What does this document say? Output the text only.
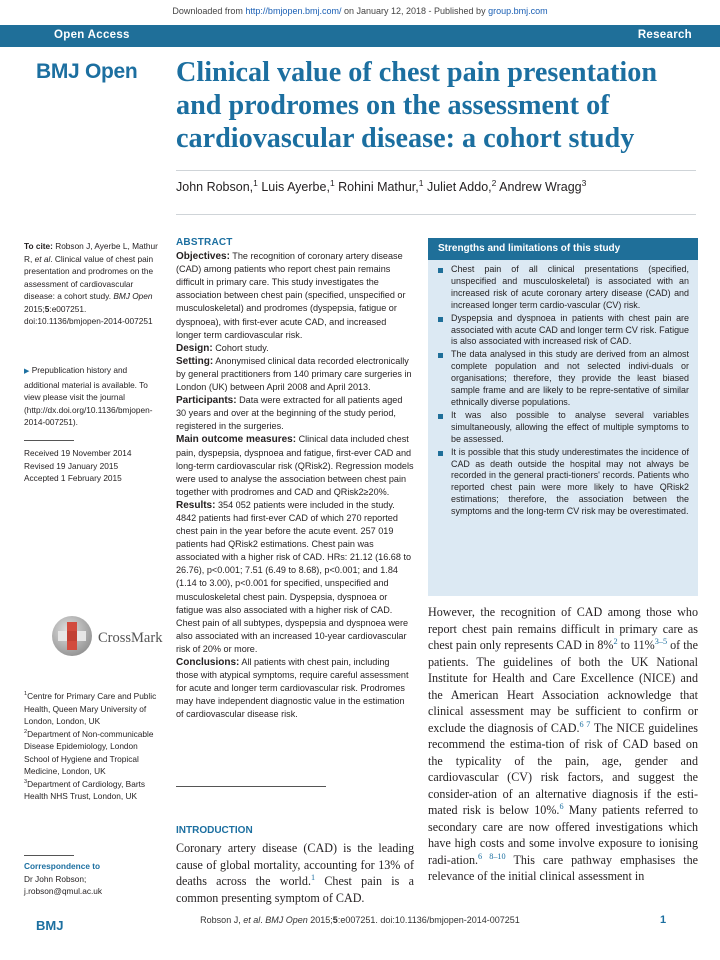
Downloaded from http://bmjopen.bmj.com/ on January 12, 2018 - Published by group.bmj.com
Open Access	Research
BMJ Open Clinical value of chest pain presentation and prodromes on the assessment of cardiovascular disease: a cohort study
John Robson,$^1$ Luis Ayerbe,$^1$ Rohini Mathur,$^1$ Juliet Addo,$^2$ Andrew Wragg$^3$
To cite: Robson J, Ayerbe L, Mathur R, et al. Clinical value of chest pain presentation and prodromes on the assessment of cardiovascular disease: a cohort study. BMJ Open 2015;5:e007251. doi:10.1136/bmjopen-2014-007251

▶ Prepublication history and additional material is available. To view please visit the journal (http://dx.doi.org/10.1136/bmjopen-2014-007251).

Received 19 November 2014

Revised 19 January 2015

Accepted 1 February 2015

CrossMark

$^1$Centre for Primary Care and Public Health, Queen Mary University of London, London, UK

$^2$Department of Non-communicable Disease Epidemiology, London School of Hygiene and Tropical Medicine, London, UK

$^3$Department of Cardiology, Barts Health NHS Trust, London, UK

Correspondence to

Dr John Robson;

j.robson@qmul.ac.uk

ABSTRACT

Objectives: The recognition of coronary artery disease (CAD) among patients who report chest pain remains difficult in primary care. This study investigates the association between chest pain (specified, unspecified or musculoskeletal) and prodromes (dyspepsia, fatigue or dyspnoea), with first-ever acute CAD, and increased longer term cardiovascular risk.

Design: Cohort study.

Setting: Anonymised clinical data recorded electronically by general practitioners from 140 primary care surgeries in London (UK) between April 2008 and April 2013.

Participants: Data were extracted for all patients aged 30 years and over at the beginning of the study period, registered in the surgeries.

Main outcome measures: Clinical data included chest pain, dyspepsia, dyspnoea and fatigue, first-ever CAD and long-term cardiovascular risk (QRisk2). Regression models were used to analyse the association between chest pain together with prodromes and CAD and QRisk2≥20%.

Results: 354 052 patients were included in the study. 4842 patients had first-ever CAD of which 270 reported chest pain in the year before the acute event. 257 019 patients had QRisk2 estimations. Chest pain was associated with a higher risk of CAD. HRs: 21.12 (16.68 to 26.76), p<0.001; 7.51 (6.49 to 8.68), p<0.001; and 1.84 (1.14 to 3.00), p<0.001 for specified, unspecified and musculoskeletal chest pain. Dyspepsia, dyspnoea or fatigue was also associated with a higher risk of CAD. Chest pain of all subtypes, dyspepsia and dyspnoea were also associated with an increased 10-year cardiovascular risk of 20% or more.

Conclusions: All patients with chest pain, including those with atypical symptoms, require careful assessment for acute and longer term cardiovascular risk. Prodromes may have independent diagnostic value in the estimation of cardiovascular disease risk.

INTRODUCTION
Coronary artery disease (CAD) is the leading cause of global mortality, accounting for 13% of deaths across the world.$^1$ Chest pain is a common presenting symptom of CAD.
Strengths and limitations of this study
Chest pain of all clinical presentations (specified, unspecified and musculoskeletal) is associated with an increased risk of acute coronary artery disease (CAD) and increased longer term cardio-vascular (CV) risk.
Dyspepsia and dyspnoea in patients with chest pain are associated with acute CAD and longer term CV risk. Fatigue is also associated with increased risk of CAD.
The data analysed in this study are derived from an almost complete population and not selected indivi-duals or organisations; therefore, they provide the least biased sample frame and are likely to be repre-sentative of similar ethnically diverse populations.
It was also possible to analyse several variables simultaneously, allowing the effect of multiple symptoms to be assessed.
It is possible that this study underestimates the incidence of CAD as death outside the hospital may not always be recorded in the general practi-tioners' records. Patients who reported chest pain were more likely to have QRisk2 estimations; therefore, the association between the symptoms and the long-term CV risk may be overestimated.
However, the recognition of CAD among those who report chest pain remains difficult in primary care as chest pain only represents CAD in 8%$^2$ to 11%$^{3-5}$ of the patients. The guidelines of both the UK National Institute for Health and Care Excellence (NICE) and the American Heart Association acknowledge that clinical assessment may be sufficient to confirm or exclude the diagnosis of CAD.$^{6 7}$ The NICE guidelines recommend the estima-tion of risk of CAD based on the typicality of the pain, age, gender and cardiovascular (CV) risk factors, and suggest the consider-ation of an alternative diagnosis if the esti-mated risk is below 10%.$^6$ Many patients referred to secondary care are now offered investigations which have high costs and some involve exposure to ionising radi-ation.$^{6 8-10}$ This care pathway emphasises the relevance of the initial clinical assessment in
BMJ	Robson J, et al. BMJ Open 2015;5:e007251. doi:10.1136/bmjopen-2014-007251	1
